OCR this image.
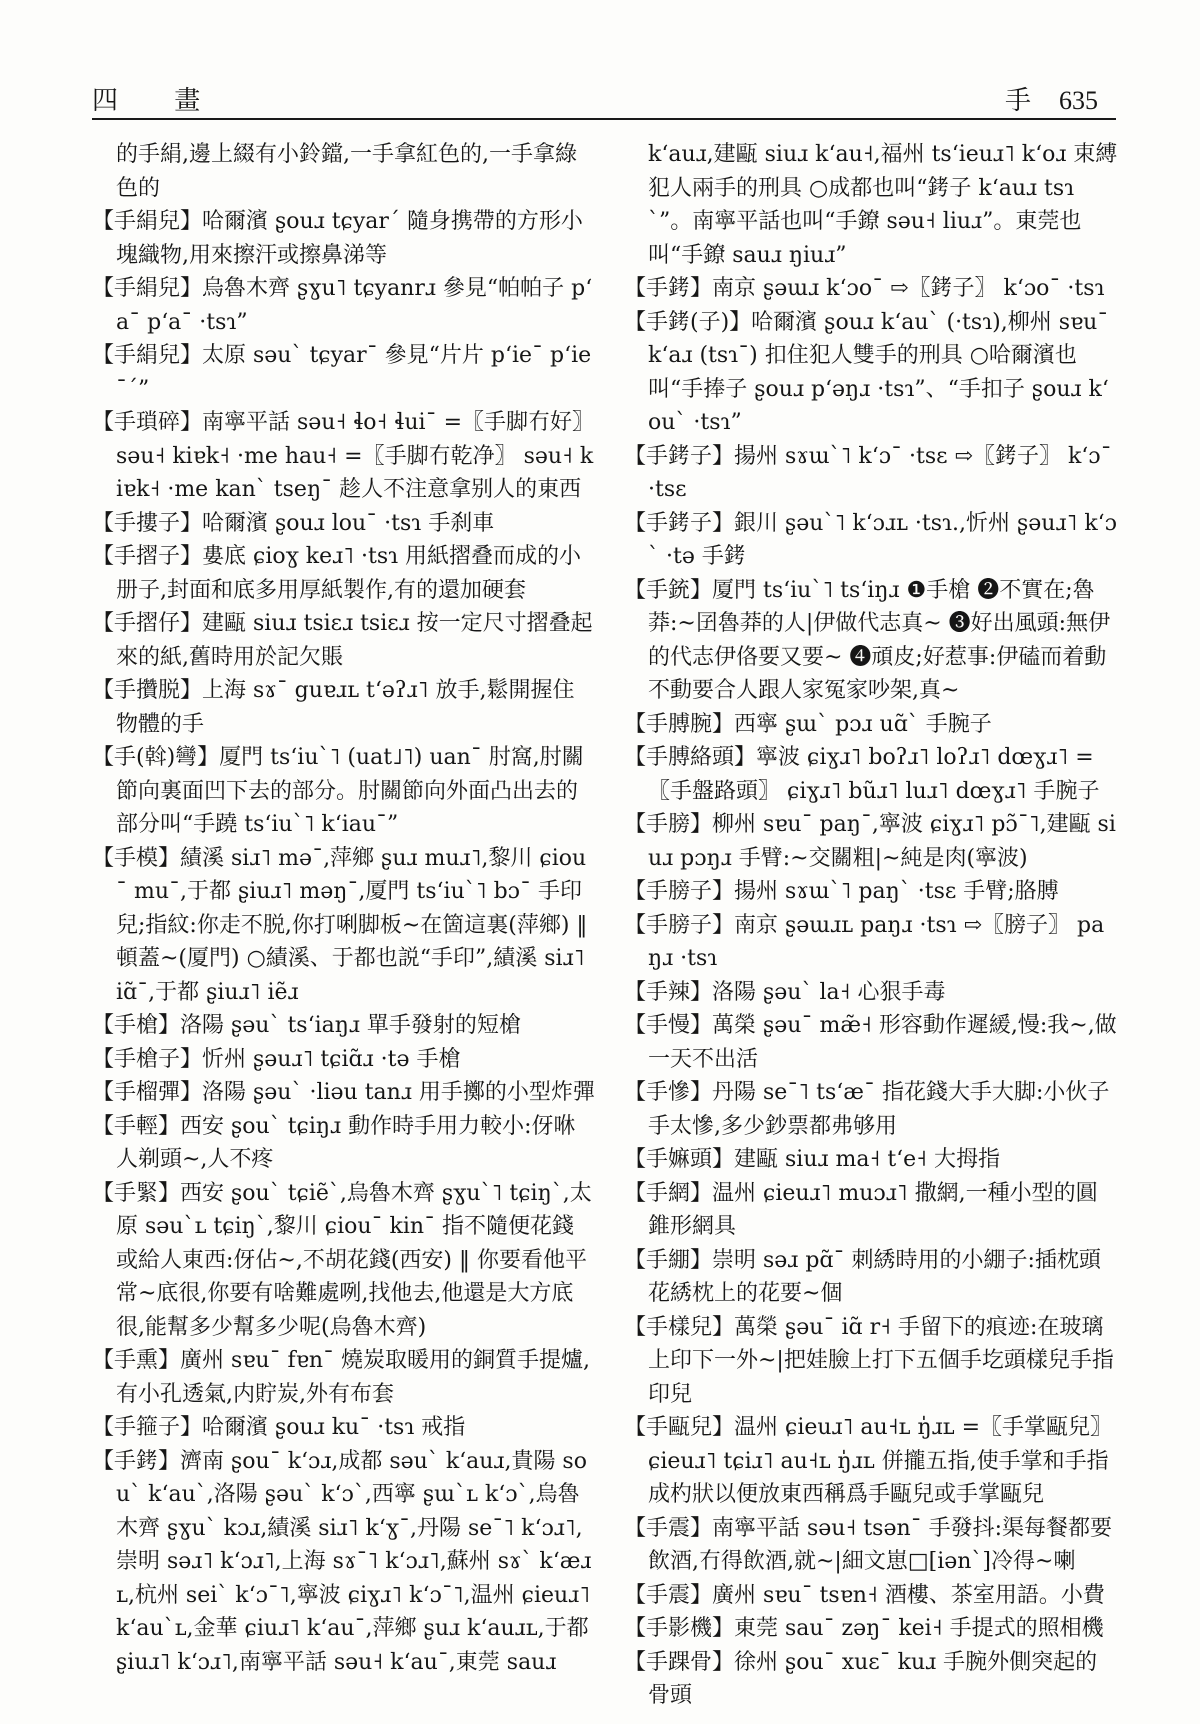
四 畫	手 635

的手絹,邊上綴有小鈴鐺,一手拿紅色的,一手拿綠色的

【手絹兒】哈爾濱 ʂouɹ tɕyarˊ 隨身携帶的方形小塊織物,用來擦汗或擦鼻涕等

【手絹兒】烏魯木齊 ʂɣu˥ tɕyanrɹ 參見“帕帕子 pʻaˉ pʻaˉ ·tsɿ”

【手絹兒】太原 səuˋ tɕyarˉ 參見“片片 pʻieˉ pʻieˉˊ”

【手瑣碎】南寧平話 səu˧ ɬo˧ ɬuiˉ =〖手脚冇好〗 səu˧ kiɐk˧ ·me hau˧ =〖手脚冇乾净〗 səu˧ kiɐk˧ ·me kanˋ tseŋˉ 趁人不注意拿别人的東西

【手摟子】哈爾濱 ʂouɹ louˉ ·tsɿ 手刹車

【手摺子】婁底 ɕioɣ keɹ˥ ·tsɿ 用紙摺叠而成的小册子,封面和底多用厚紙製作,有的還加硬套

【手摺仔】建甌 siuɹ tsiɛɹ tsiɛɹ 按一定尺寸摺叠起來的紙,舊時用於記欠賬

【手攢脱】上海 sɤˉ guɐɹʟ tʻəʔɹ˥ 放手,鬆開握住物體的手

【手(斡)彎】厦門 tsʻiuˋ˥ (uat˩˥) uanˉ 肘窩,肘關節向裏面凹下去的部分。肘關節向外面凸出去的部分叫“手蹺 tsʻiuˋ˥ kʻiauˉ”

【手模】績溪 siɹ˥ məˉ,萍鄉 ʂuɹ muɹ˥,黎川 ɕiouˉ muˉ,于都 ʂiuɹ˥ məŋˉ,厦門 tsʻiuˋ˥ bɔˉ 手印兒;指紋:你走不脱,你打唎脚板~在箇這裏(萍鄉) ‖ 頓蓋~(厦門) ○績溪、于都也説“手印”,績溪 siɹ˥ iɑ̃ˉ,于都 ʂiuɹ˥ iẽɹ

【手槍】洛陽 ʂəuˋ tsʻiaŋɹ 單手發射的短槍

【手槍子】忻州 ʂəuɹ˥ tɕiɑ̃ɹ ·tə 手槍

【手榴彈】洛陽 ʂəuˋ ·liəu tanɹ 用手擲的小型炸彈

【手輕】西安 ʂouˋ tɕiŋɹ 動作時手用力較小:伢咻人剃頭~,人不疼

【手緊】西安 ʂouˋ tɕiẽˋ,烏魯木齊 ʂɣuˋ˥ tɕiŋˋ,太原 səuˋʟ tɕiŋˋ,黎川 ɕiouˉ kinˉ 指不隨便花錢或給人東西:伢佔~,不胡花錢(西安) ‖ 你要看他平常~底很,你要有啥難處咧,找他去,他還是大方底很,能幫多少幫多少呢(烏魯木齊)

【手熏】廣州 sɐuˉ fɐnˉ 燒炭取暖用的銅質手提爐,有小孔透氣,内貯炭,外有布套

【手箍子】哈爾濱 ʂouɹ kuˉ ·tsɿ 戒指

【手銬】濟南 ʂouˉ kʻɔɹ,成都 səuˋ kʻauɹ,貴陽 souˋ kʻauˋ,洛陽 ʂəuˋ kʻɔˋ,西寧 ʂɯˋʟ kʻɔˋ,烏魯木齊 ʂɣuˋ kɔɹ,績溪 siɹ˥ kʻɣˉ,丹陽 seˉ˥ kʻɔɹ˥,崇明 səɹ˥ kʻɔɹ˥,上海 sɤˉ˥ kʻɔɹ˥,蘇州 sɤˋ kʻæɹʟ,杭州 seiˋ kʻɔˉ˥,寧波 ɕiɣɹ˥ kʻɔˉ˥,温州 ɕieuɹ˥ kʻauˋʟ,金華 ɕiuɹ˥ kʻauˉ,萍鄉 ʂuɹ kʻauɹʟ,于都 ʂiuɹ˥ kʻɔɹ˥,南寧平話 səu˧ kʻauˉ,東莞 sauɹ

kʻauɹ,建甌 siuɹ kʻau˧,福州 tsʻieuɹ˥ kʻoɹ 束縛犯人兩手的刑具 ○成都也叫“銬子 kʻauɹ tsɿˋ”。南寧平話也叫“手鐐 səu˧ liuɹ”。東莞也叫“手鐐 sauɹ ŋiuɹ”

【手銬】南京 ʂəɯɹ kʻɔoˉ ⇨〖銬子〗 kʻɔoˉ ·tsɿ

【手銬(子)】哈爾濱 ʂouɹ kʻauˋ (·tsɿ),柳州 sɐuˉ kʻaɹ (tsɿˉ) 扣住犯人雙手的刑具 ○哈爾濱也叫“手捧子 ʂouɹ pʻəŋɹ ·tsɿ”、“手扣子 ʂouɹ kʻouˋ ·tsɿ”

【手銬子】揚州 sɤɯˋ˥ kʻɔˉ ·tsɛ ⇨〖銬子〗 kʻɔˉ ·tsɛ

【手銬子】銀川 ʂəuˋ˥ kʻɔɹʟ ·tsɿ.,忻州 ʂəuɹ˥ kʻɔˋ ·tə 手銬

【手銃】厦門 tsʻiuˋ˥ tsʻiŋɹ ❶手槍 ❷不實在;魯莽:~囝魯莽的人|伊做代志真~ ❸好出風頭:無伊的代志伊佫要又要~ ❹頑皮;好惹事:伊磕而着動不動要合人跟人家冤家吵架,真~

【手膊腕】西寧 ʂɯˋ pɔɹ uɑ̃ˋ 手腕子

【手膊絡頭】寧波 ɕiɣɹ˥ boʔɹ˥ loʔɹ˥ dœɣɹ˥ =〖手盤路頭〗 ɕiɣɹ˥ bũɹ˥ luɹ˥ dœɣɹ˥ 手腕子

【手膀】柳州 sɐuˉ paŋˉ,寧波 ɕiɣɹ˥ pɔ̃ˉ˥,建甌 siuɹ pɔŋɹ 手臂:~交關粗|~純是肉(寧波)

【手膀子】揚州 sɤɯˋ˥ paŋˋ ·tsɛ 手臂;胳膊

【手膀子】南京 ʂəɯɹʟ paŋɹ ·tsɿ ⇨〖膀子〗 paŋɹ ·tsɿ

【手辣】洛陽 ʂəuˋ la˧ 心狠手毒

【手慢】萬榮 ʂəuˉ mæ̃˧ 形容動作遲緩,慢:我~,做一天不出活

【手慘】丹陽 seˉ˥ tsʻæˉ 指花錢大手大脚:小伙子手太慘,多少鈔票都弗够用

【手嫲頭】建甌 siuɹ ma˧ tʻe˧ 大拇指

【手網】温州 ɕieuɹ˥ muɔɹ˥ 撒網,一種小型的圓錐形網具

【手綳】崇明 səɹ pɑ̃ˉ 刺綉時用的小綳子:插枕頭花綉枕上的花要~個

【手樣兒】萬榮 ʂəuˉ iɑ̃ r˧ 手留下的痕迹:在玻璃上印下一外~|把娃臉上打下五個手圪頭樣兒手指印兒

【手甌兒】温州 ɕieuɹ˥ au˧ʟ ŋ̍ɹʟ =〖手掌甌兒〗 ɕieuɹ˥ tɕiɹ˥ au˧ʟ ŋ̍ɹʟ 併攏五指,使手掌和手指成杓狀以便放東西稱爲手甌兒或手掌甌兒

【手震】南寧平話 səu˧ tsənˉ 手發抖:渠每餐都要飲酒,冇得飲酒,就~|細文崽□[iənˋ]冷得~喇

【手震】廣州 sɐuˉ tsɐn˧ 酒樓、茶室用語。小費

【手影機】東莞 sauˉ zəŋˉ kei˧ 手提式的照相機

【手踝骨】徐州 ʂouˉ xuɛˉ kuɹ 手腕外側突起的骨頭
